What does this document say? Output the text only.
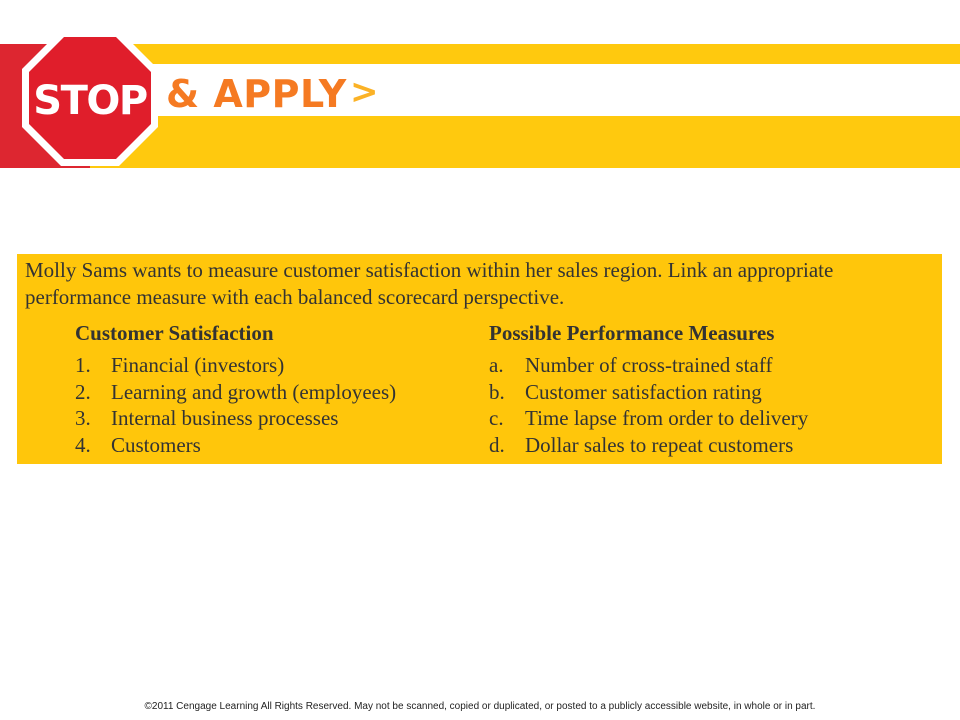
STOP & APPLY >

Molly Sams wants to measure customer satisfaction within her sales region. Link an appropriate performance measure with each balanced scorecard perspective.

Customer Satisfaction
1. Financial (investors)
2. Learning and growth (employees)
3. Internal business processes
4. Customers
Possible Performance Measures
a. Number of cross-trained staff
b. Customer satisfaction rating
c. Time lapse from order to delivery
d. Dollar sales to repeat customers
©2011 Cengage Learning All Rights Reserved. May not be scanned, copied or duplicated, or posted to a publicly accessible website, in whole or in part.
